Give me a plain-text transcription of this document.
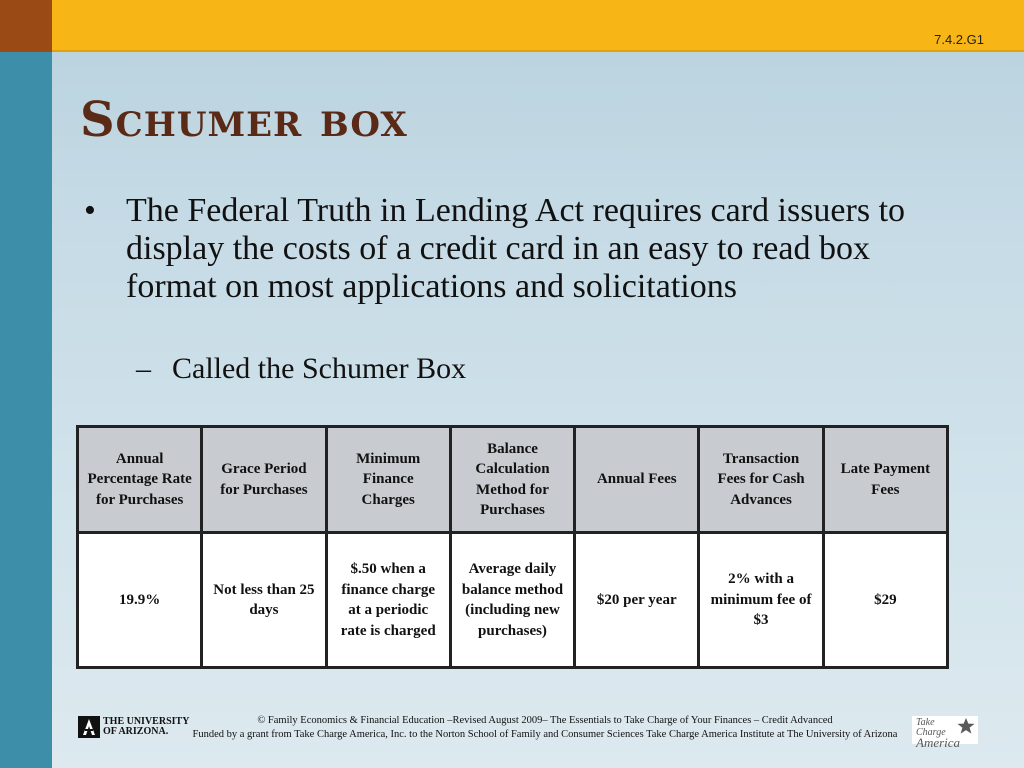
7.4.2.G1
Schumer box
• The Federal Truth in Lending Act requires card issuers to display the costs of a credit card in an easy to read box format on most applications and solicitations
– Called the Schumer Box
Annual Percentage Rate for Purchases	Grace Period for Purchases	Minimum Finance Charges	Balance Calculation Method for Purchases	Annual Fees	Transaction Fees for Cash Advances	Late Payment Fees
19.9%	Not less than 25 days	$.50 when a finance charge at a periodic rate is charged	Average daily balance method (including new purchases)	$20 per year	2% with a minimum fee of $3	$29
THE UNIVERSITY
OF ARIZONA.
© Family Economics & Financial Education –Revised August 2009– The Essentials to Take Charge of Your Finances – Credit Advanced
Funded by a grant from Take Charge America, Inc. to the Norton School of Family and Consumer Sciences Take Charge America Institute at The University of Arizona
Take
Charge
America
